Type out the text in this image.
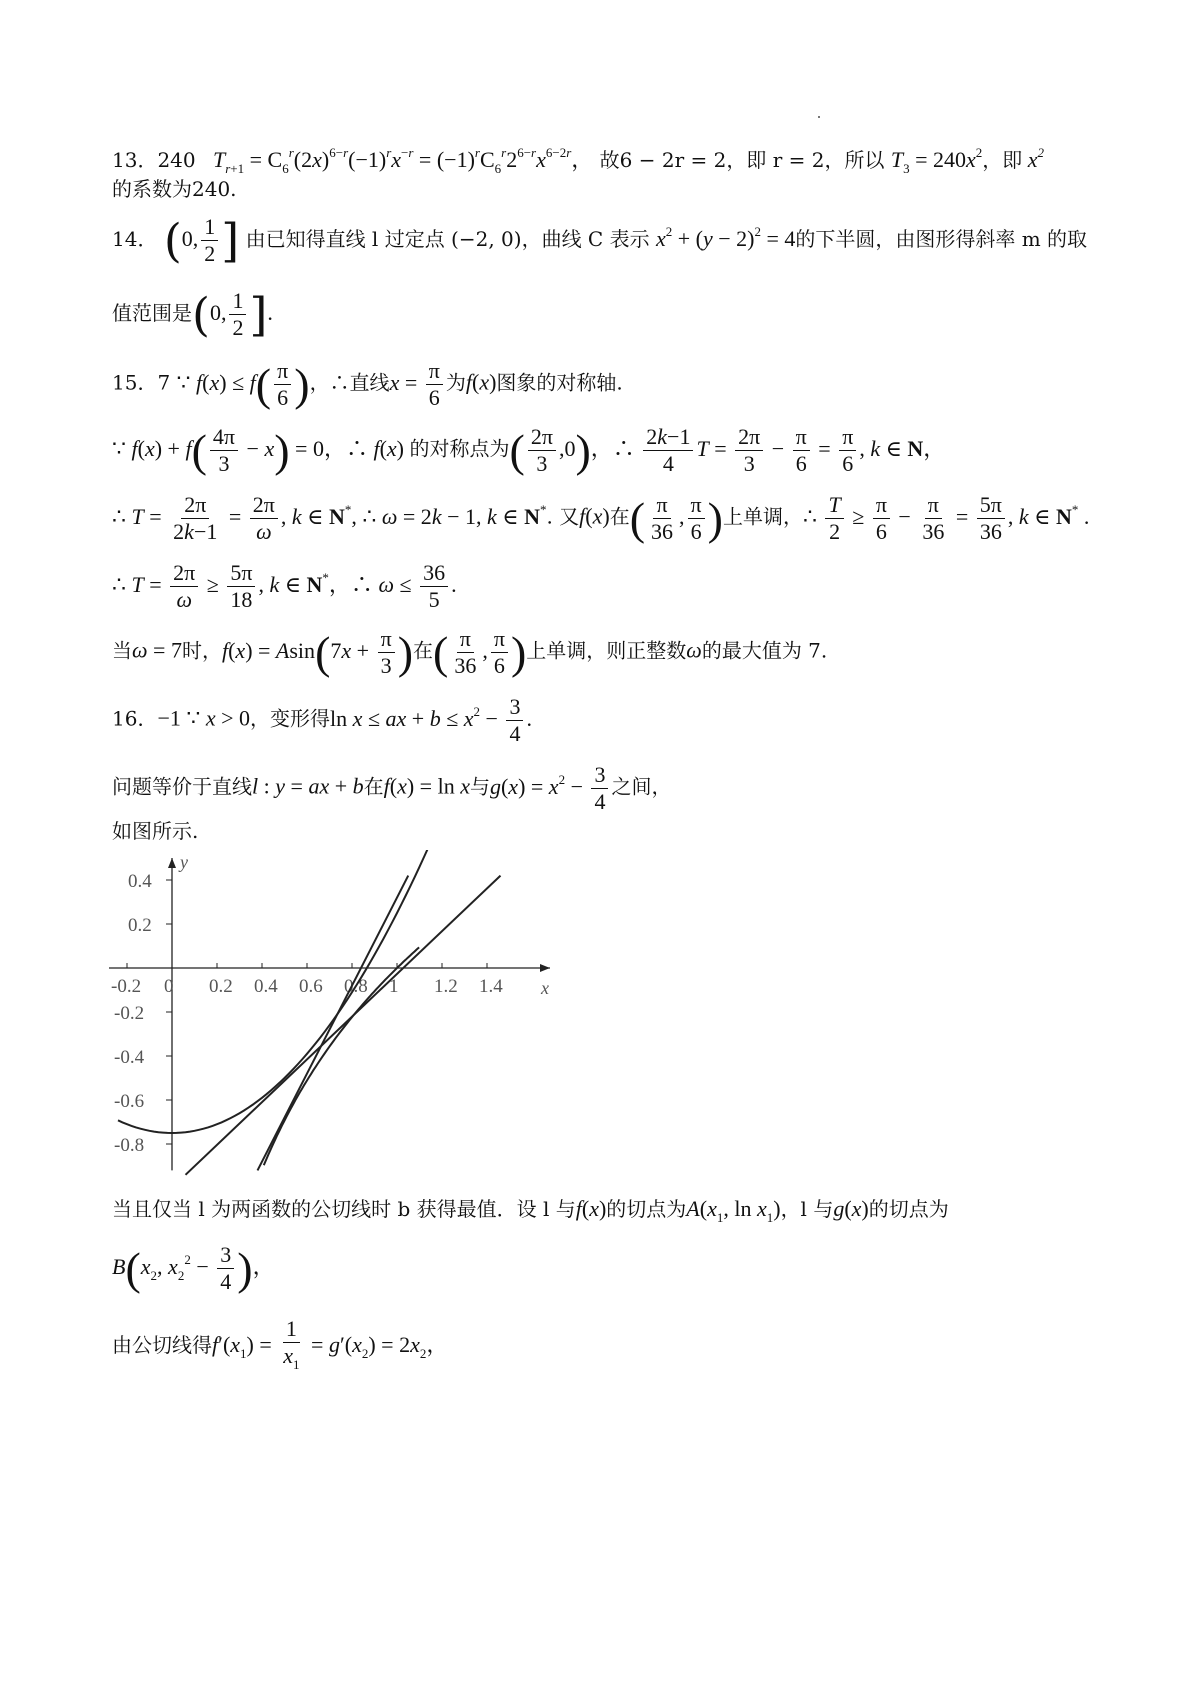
13．240 $T_{r+1} = C_6^r(2x)^{6-r}(-1)^rx^{-r} = (-1)^rC_6^r2^{6-r}x^{6-2r}$， 故6 − 2r = 2，即 r = 2，所以 $T_3 = 240x^2$，即 $x^2$
的系数为240.
14． (0, $\frac{1}{2}$ ] 由已知得直线 l 过定点 (−2, 0)，曲线 C 表示 $x^2 + (y - 2)^2 = 4$的下半圆，由图形得斜率 m 的取
值范围是(0, $\frac{1}{2}$ ].
15．7 ∵ $f(x) \le f( \frac{\pi}{6}$ )，∴直线$x = \frac{\pi}{6}$ 为f(x)图象的对称轴.
∵ $f(x) + f( \frac{4\pi}{3} - x) = 0$，∴ f(x) 的对称点为( $\frac{2\pi}{3} ,0$)，∴ $\frac{2k-1}{4}$ $T = \frac{2\pi}{3} - \frac{\pi}{6} = \frac{\pi}{6}$ , k ∈ N，
∴ $T = \frac{2\pi}{2k-1} = \frac{2\pi}{\omega}$ , k ∈ N*, ∴ ω = 2k − 1, k ∈ N*. 又f(x)在( $\frac{\pi}{36}$ , $\frac{\pi}{6}$ )上单调，∴ $\frac{T}{2} \ge \frac{\pi}{6} - \frac{\pi}{36} = \frac{5\pi}{36}$ , k ∈ N* .
∴ $T = \frac{2\pi}{\omega} \ge \frac{5\pi}{18}$ , k ∈ N*，∴ $\omega \le \frac{36}{5}$ .
当ω = 7时，$f(x) = Asin(7x + \frac{\pi}{3}$ )在( $\frac{\pi}{36}$ , $\frac{\pi}{6}$ )上单调，则正整数ω的最大值为 7.
16．−1 ∵ x > 0，变形得ln x ≤ ax + $b \le x^2 - \frac{3}{4}$ .
问题等价于直线l : y = ax + b在f(x) = ln x与$g(x) = x^2 - \frac{3}{4}$ 之间，
如图所示.
x
y
-0.2 0 0.2 0.4 0.6 0.8 1 1.2 1.4
0.4
0.2
-0.2
-0.4
-0.6
-0.8
当且仅当 l 为两函数的公切线时 b 获得最值．设 l 与f(x)的切点为$A(x_1$, $\ln x_1$)，l 与g(x)的切点为
$B(x_2$, $x_2^2 - \frac{3}{4}$ )，
由公切线得$f'(x_1) = \frac{1}{x_1} = g'(x_2) = 2x_2$，
